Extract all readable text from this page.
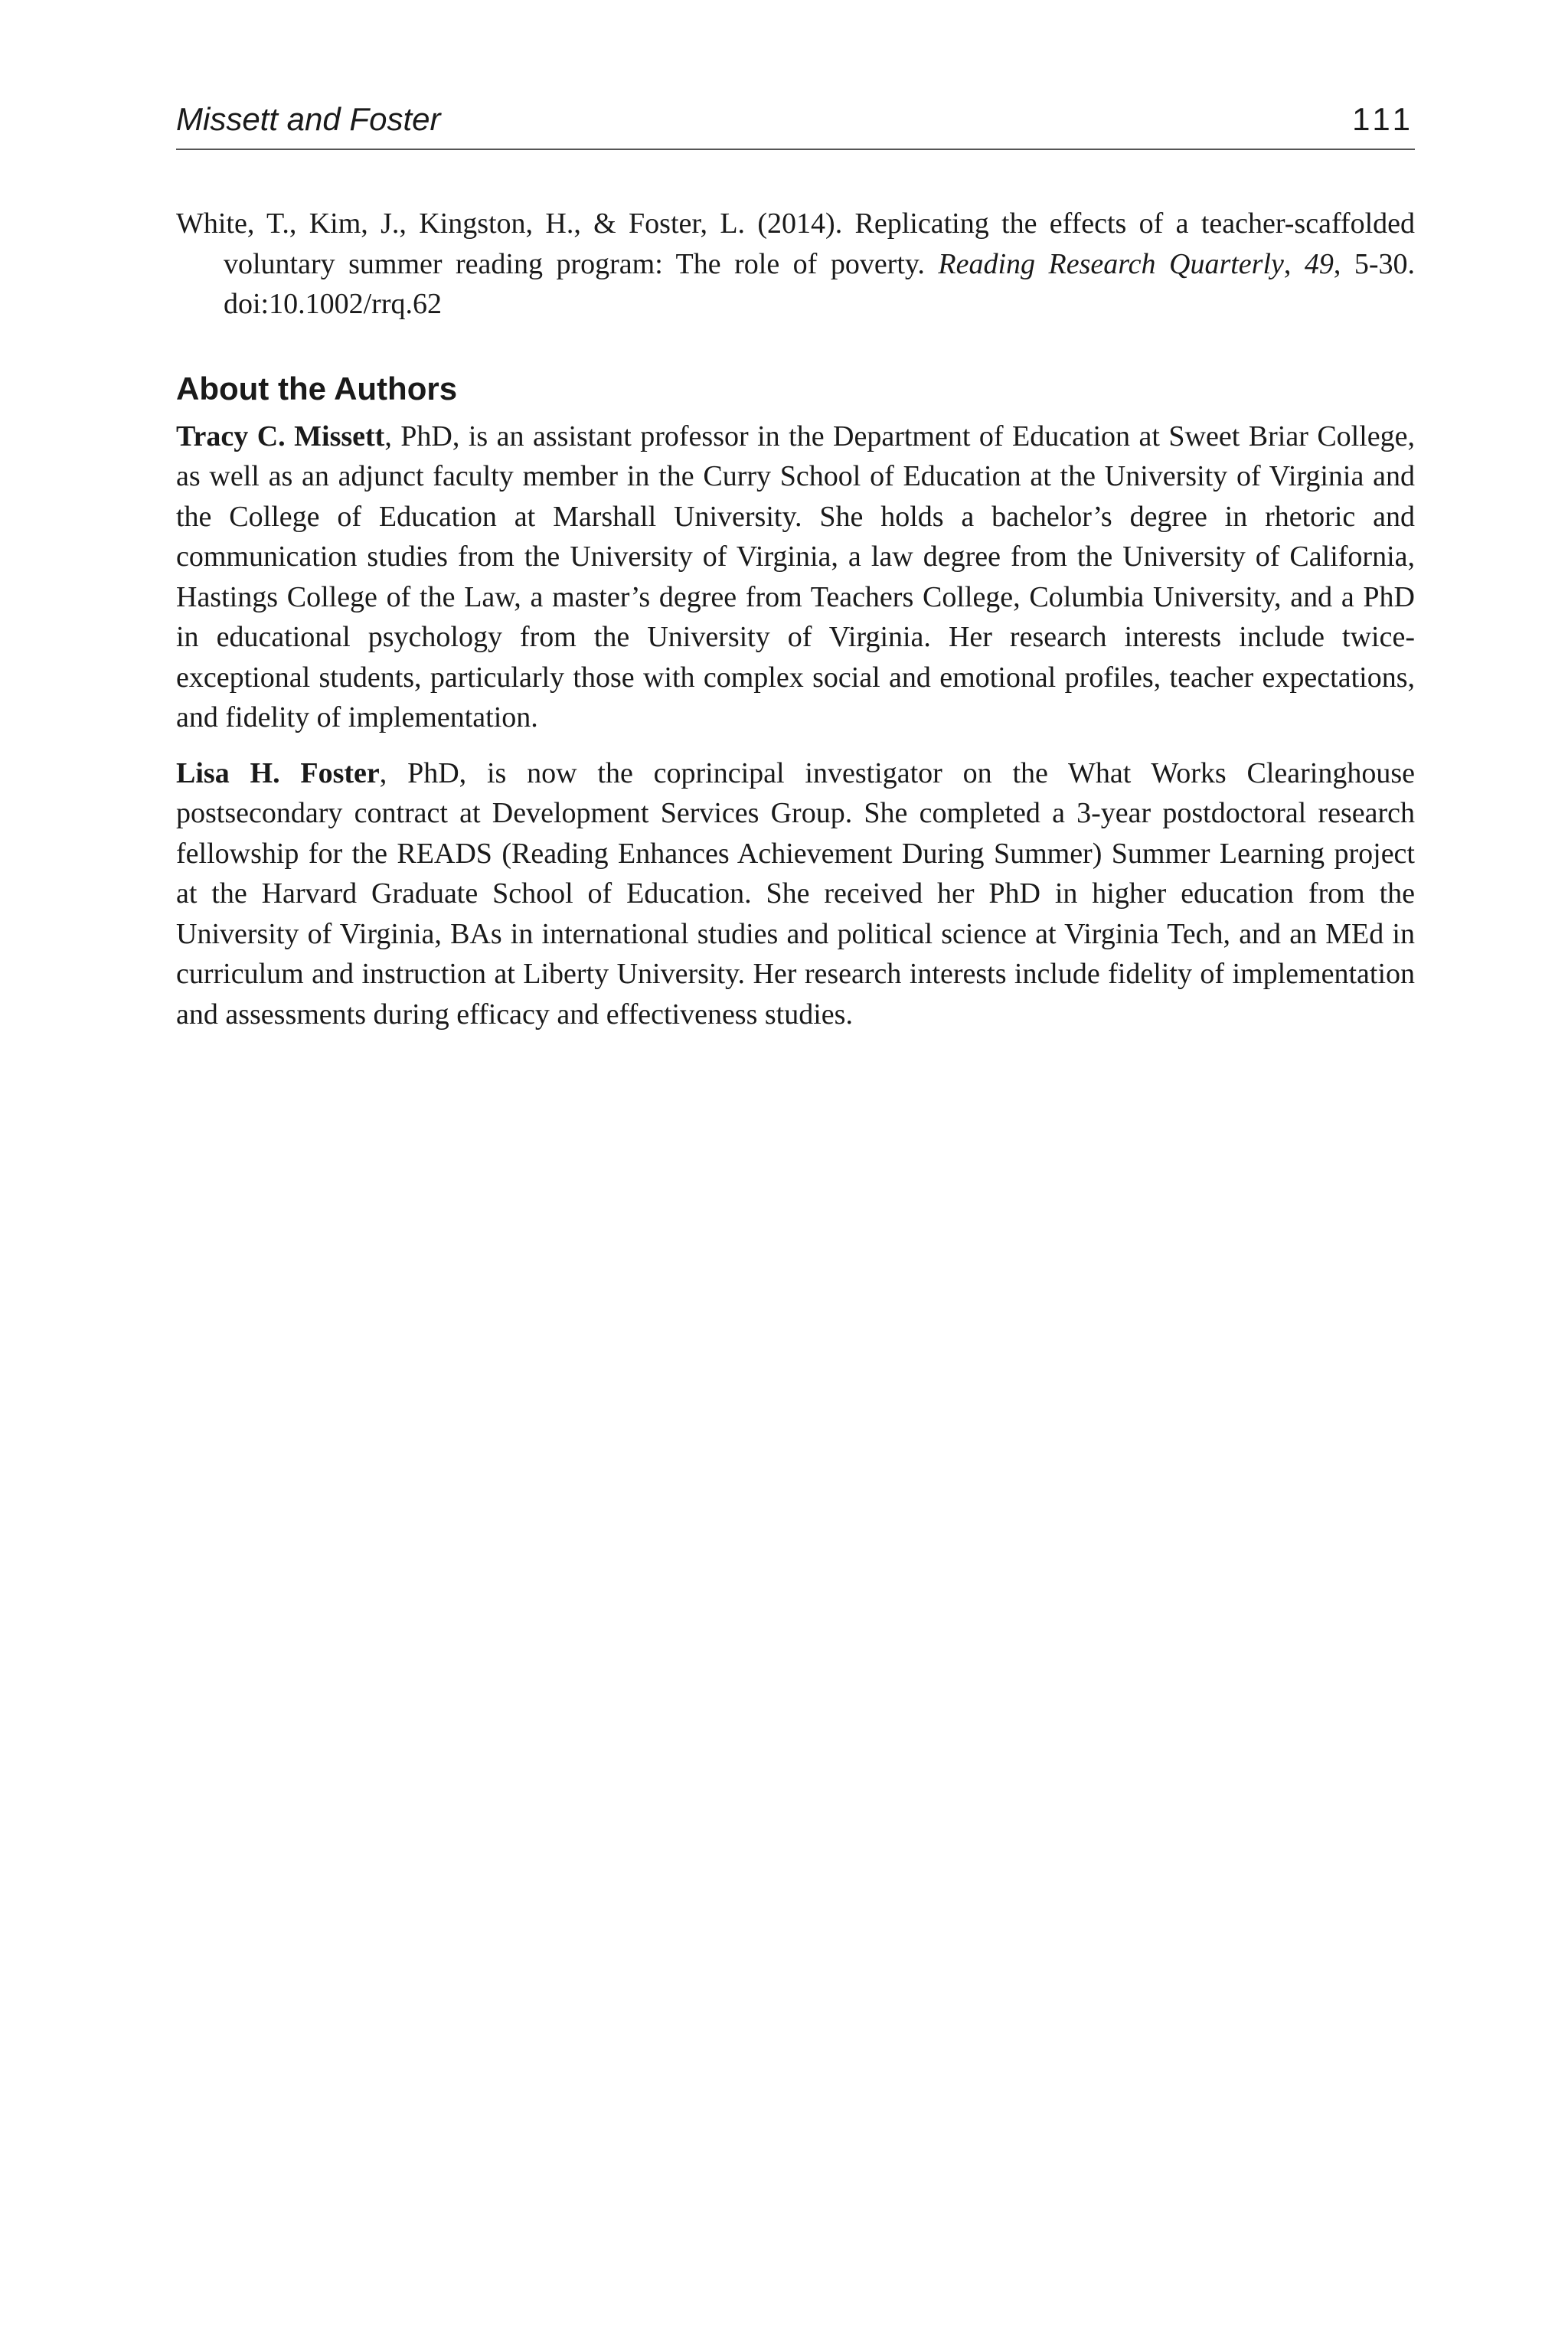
Missett and Foster	111

White, T., Kim, J., Kingston, H., & Foster, L. (2014). Replicating the effects of a teacher-scaffolded voluntary summer reading program: The role of poverty. Reading Research Quarterly, 49, 5-30. doi:10.1002/rrq.62

About the Authors

Tracy C. Missett, PhD, is an assistant professor in the Department of Education at Sweet Briar College, as well as an adjunct faculty member in the Curry School of Education at the University of Virginia and the College of Education at Marshall University. She holds a bachelor’s degree in rhetoric and communication studies from the University of Virginia, a law degree from the University of California, Hastings College of the Law, a master’s degree from Teachers College, Columbia University, and a PhD in educational psychology from the University of Virginia. Her research interests include twice-exceptional students, particularly those with complex social and emotional profiles, teacher expectations, and fidelity of implementation.

Lisa H. Foster, PhD, is now the coprincipal investigator on the What Works Clearinghouse postsecondary contract at Development Services Group. She completed a 3-year postdoctoral research fellowship for the READS (Reading Enhances Achievement During Summer) Summer Learning project at the Harvard Graduate School of Education. She received her PhD in higher education from the University of Virginia, BAs in international studies and political science at Virginia Tech, and an MEd in curriculum and instruction at Liberty University. Her research interests include fidelity of implementation and assessments during efficacy and effectiveness studies.
